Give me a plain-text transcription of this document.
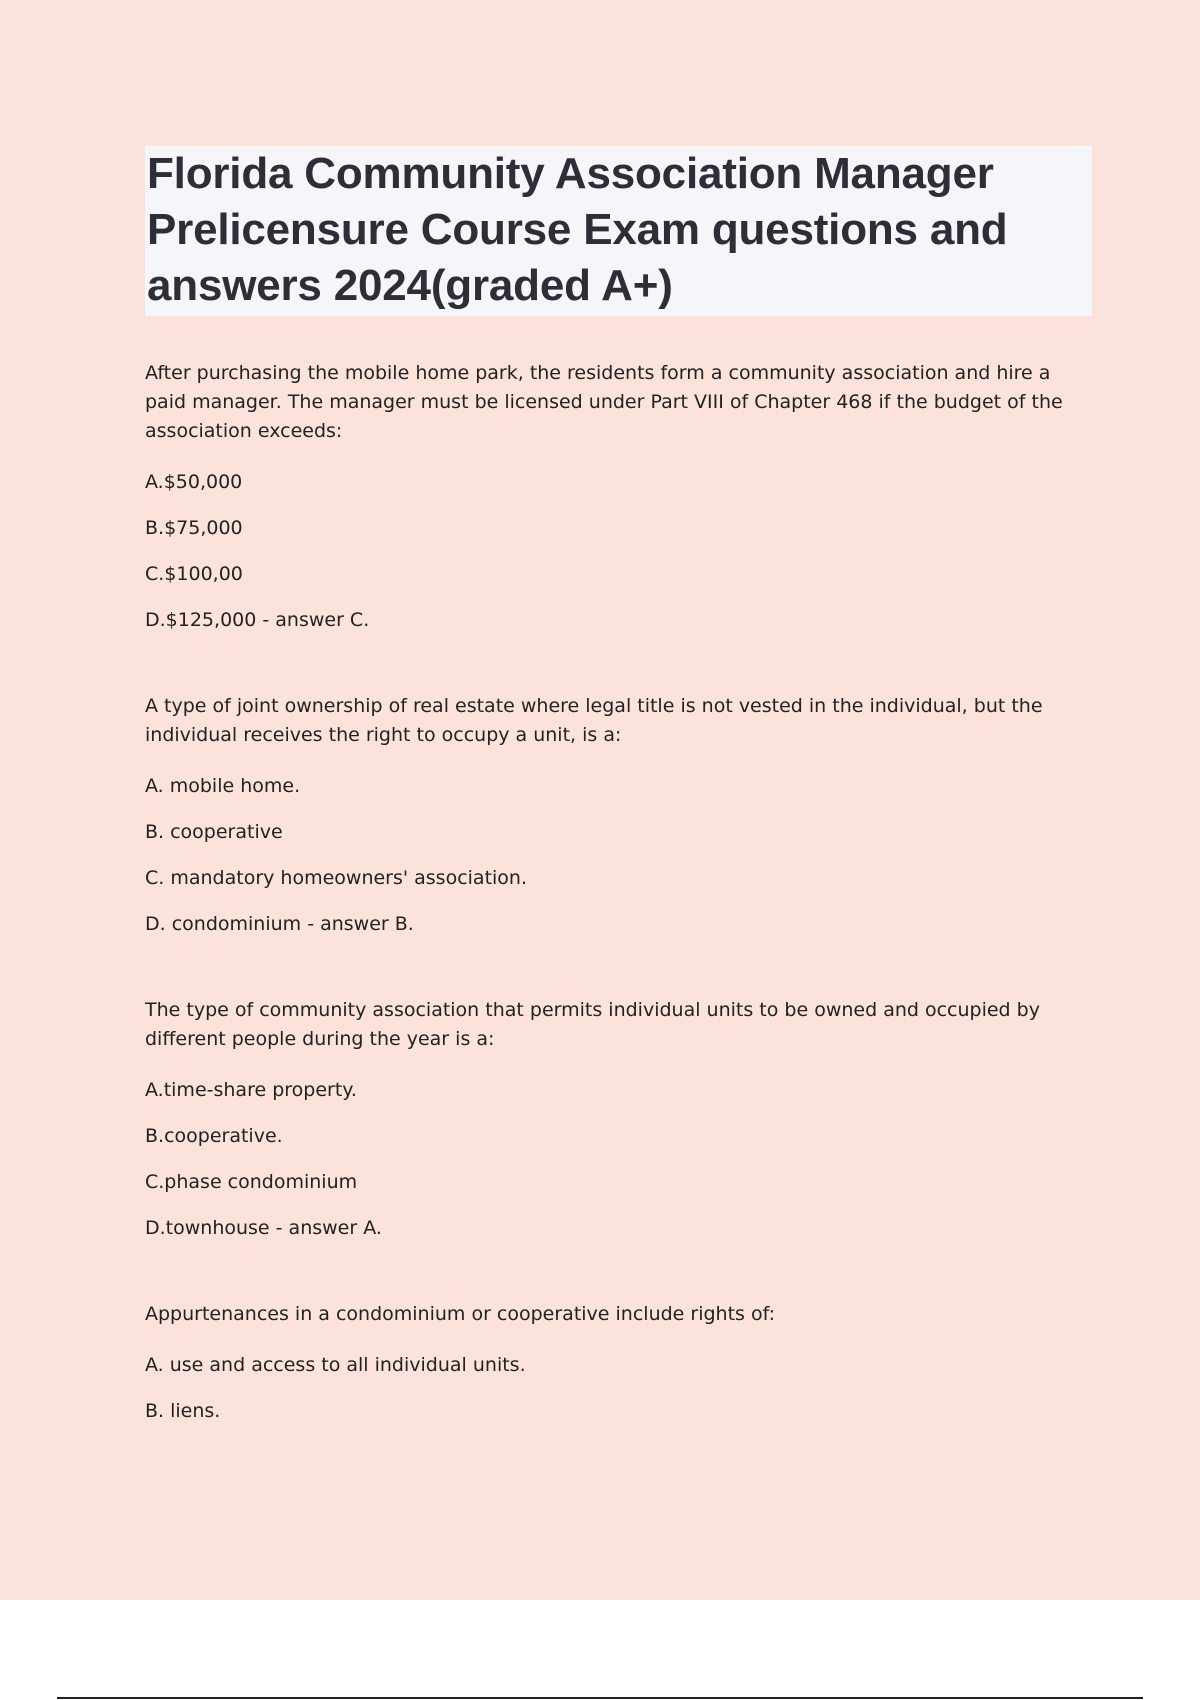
Florida Community Association Manager Prelicensure Course Exam questions and answers 2024(graded A+)

After purchasing the mobile home park, the residents form a community association and hire a paid manager. The manager must be licensed under Part VIII of Chapter 468 if the budget of the association exceeds:

A.$50,000

B.$75,000

C.$100,00

D.$125,000 - answer C.

A type of joint ownership of real estate where legal title is not vested in the individual, but the individual receives the right to occupy a unit, is a:

A. mobile home.

B. cooperative

C. mandatory homeowners' association.

D. condominium - answer B.

The type of community association that permits individual units to be owned and occupied by different people during the year is a:

A.time-share property.

B.cooperative.

C.phase condominium

D.townhouse - answer A.

Appurtenances in a condominium or cooperative include rights of:

A. use and access to all individual units.

B. liens.
